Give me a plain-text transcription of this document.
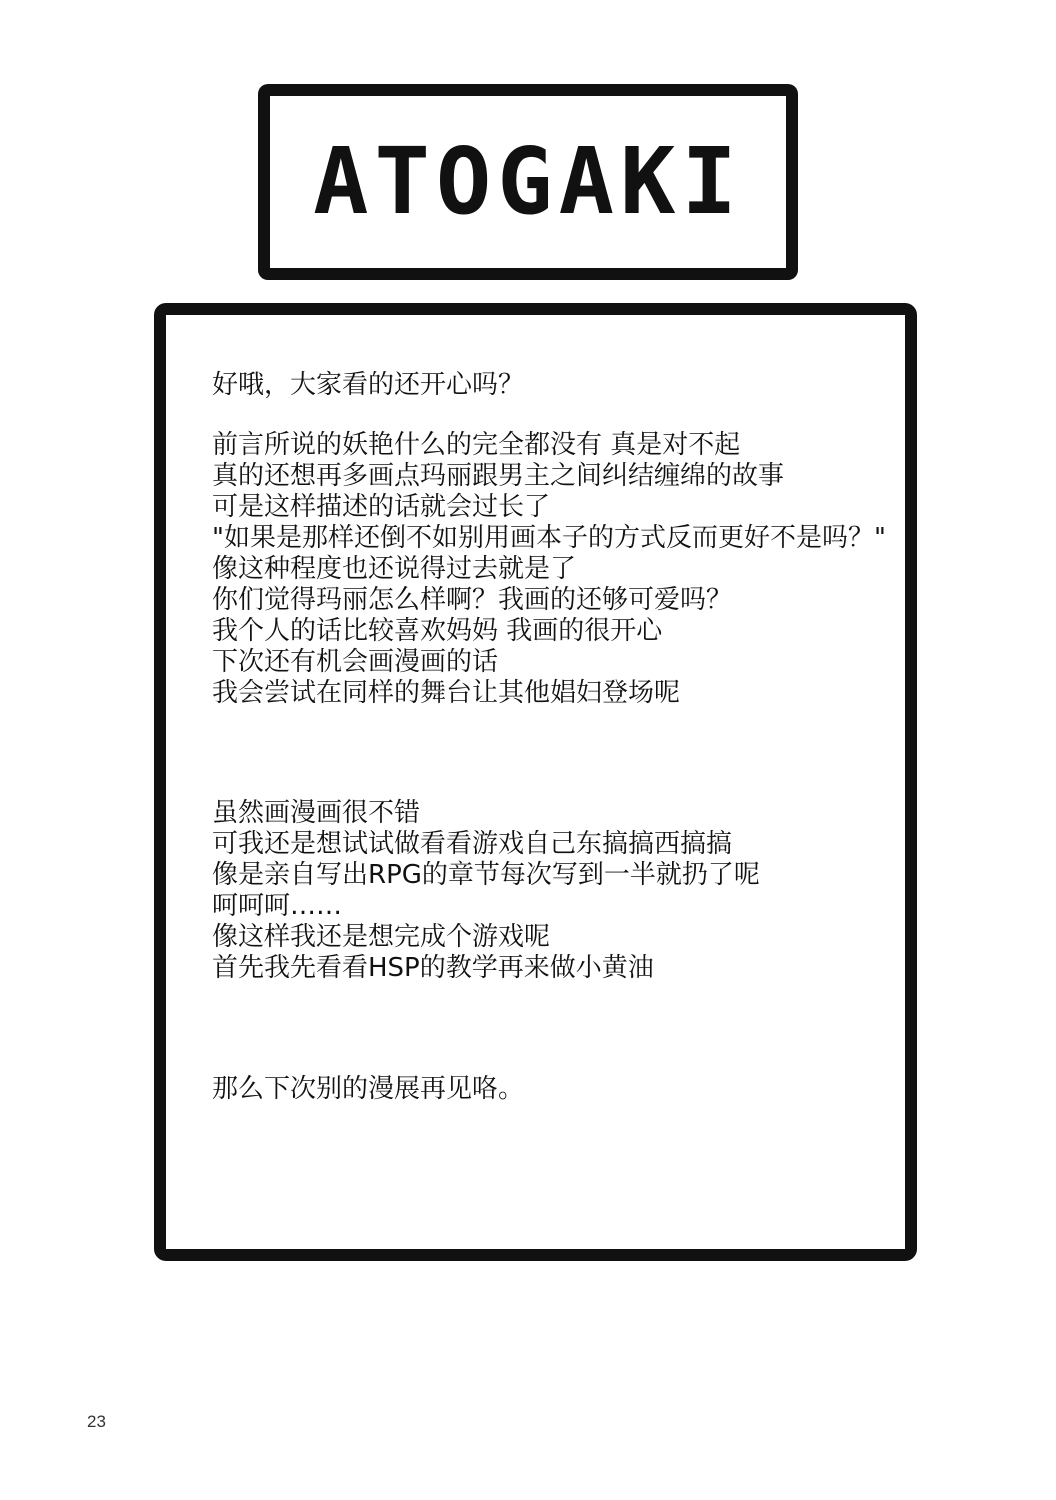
ATOGAKI

好哦，大家看的还开心吗？

前言所说的妖艳什么的完全都没有 真是对不起
真的还想再多画点玛丽跟男主之间纠结缠绵的故事
可是这样描述的话就会过长了
"如果是那样还倒不如别用画本子的方式反而更好不是吗？"
像这种程度也还说得过去就是了
你们觉得玛丽怎么样啊？我画的还够可爱吗？
我个人的话比较喜欢妈妈 我画的很开心
下次还有机会画漫画的话
我会尝试在同样的舞台让其他娼妇登场呢

虽然画漫画很不错
可我还是想试试做看看游戏自己东搞搞西搞搞
像是亲自写出RPG的章节每次写到一半就扔了呢
呵呵呵……
像这样我还是想完成个游戏呢
首先我先看看HSP的教学再来做小黄油

那么下次别的漫展再见咯。

23
